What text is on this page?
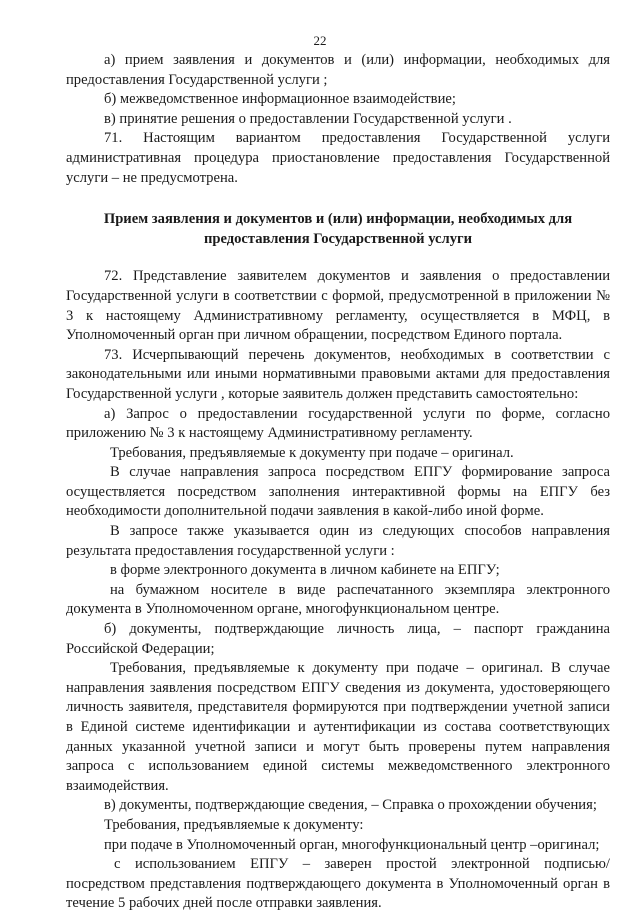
22

а) прием заявления и документов и (или) информации, необходимых для предоставления Государственной услуги ;

б) межведомственное информационное взаимодействие;

в) принятие решения о предоставлении Государственной услуги .

71. Настоящим вариантом предоставления Государственной услуги административная процедура приостановление предоставления Государственной услуги – не предусмотрена.

Прием заявления и документов и (или) информации, необходимых для предоставления Государственной услуги

72. Представление заявителем документов и заявления о предоставлении Государственной услуги в соответствии с формой, предусмотренной в приложении № 3 к настоящему Административному регламенту, осуществляется в МФЦ, в Уполномоченный орган при личном обращении, посредством Единого портала.

73. Исчерпывающий перечень документов, необходимых в соответствии с законодательными или иными нормативными правовыми актами для предоставления Государственной услуги , которые заявитель должен представить самостоятельно:

а) Запрос о предоставлении государственной услуги по форме, согласно приложению № 3 к настоящему Административному регламенту.

Требования, предъявляемые к документу при подаче – оригинал.

В случае направления запроса посредством ЕПГУ формирование запроса осуществляется посредством заполнения интерактивной формы на ЕПГУ без необходимости дополнительной подачи заявления в какой-либо иной форме.

В запросе также указывается один из следующих способов направления результата предоставления государственной услуги :

в форме электронного документа в личном кабинете на ЕПГУ;

на бумажном носителе в виде распечатанного экземпляра электронного документа в Уполномоченном органе, многофункциональном центре.

б) документы, подтверждающие личность лица, – паспорт гражданина Российской Федерации;

Требования, предъявляемые к документу при подаче – оригинал. В случае направления заявления посредством ЕПГУ сведения из документа, удостоверяющего личность заявителя, представителя формируются при подтверждении учетной записи в Единой системе идентификации и аутентификации из состава соответствующих данных указанной учетной записи и могут быть проверены путем направления запроса с использованием единой системы межведомственного электронного взаимодействия.

в) документы, подтверждающие сведения, – Справка о прохождении обучения;

Требования, предъявляемые к документу:

при подаче в Уполномоченный орган, многофункциональный центр –оригинал;

с использованием ЕПГУ – заверен простой электронной подписью/ посредством представления подтверждающего документа в Уполномоченный орган в течение 5 рабочих дней после отправки заявления.
